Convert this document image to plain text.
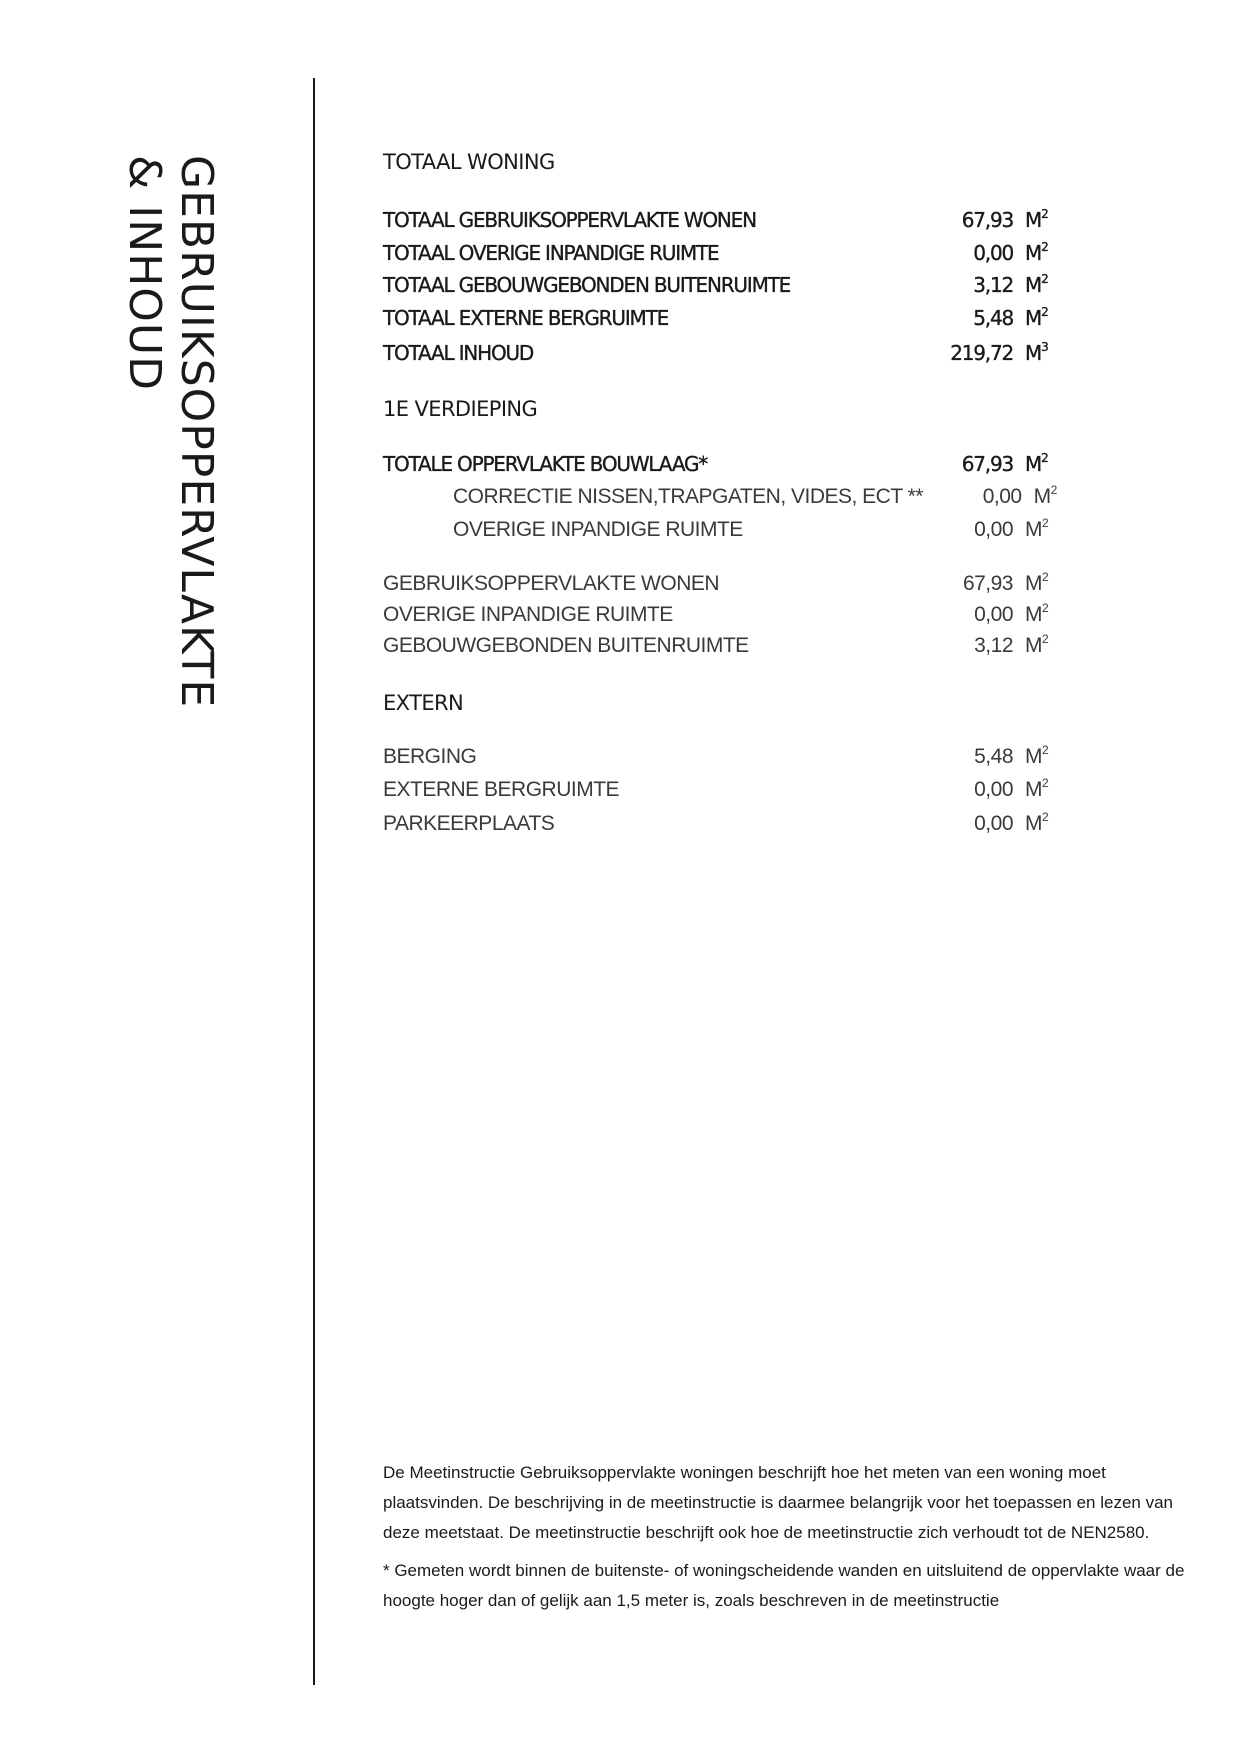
GEBRUIKSOPPERVLAKTE
& INHOUD	TOTAAL WONING
TOTAAL GEBRUIKSOPPERVLAKTE WONEN	67,93 $M^2$
TOTAAL OVERIGE INPANDIGE RUIMTE	0,00 $M^2$
TOTAAL GEBOUWGEBONDEN BUITENRUIMTE	3,12 $M^2$
TOTAAL EXTERNE BERGRUIMTE	5,48 $M^2$
TOTAAL INHOUD	219,72 $M^3$
1E VERDIEPING
TOTALE OPPERVLAKTE BOUWLAAG*	67,93 $M^2$
CORRECTIE NISSEN,TRAPGATEN, VIDES, ECT **	0,00 $M^2$
OVERIGE INPANDIGE RUIMTE	0,00 $M^2$
GEBRUIKSOPPERVLAKTE WONEN	67,93 $M^2$
OVERIGE INPANDIGE RUIMTE	0,00 $M^2$
GEBOUWGEBONDEN BUITENRUIMTE	3,12 $M^2$
EXTERN
BERGING	5,48 $M^2$
EXTERNE BERGRUIMTE	0,00 $M^2$
PARKEERPLAATS	0,00 $M^2$

De Meetinstructie Gebruiksoppervlakte woningen beschrijft hoe het meten van een woning moet plaatsvinden. De beschrijving in de meetinstructie is daarmee belangrijk voor het toepassen en lezen van deze meetstaat. De meetinstructie beschrijft ook hoe de meetinstructie zich verhoudt tot de NEN2580.

* Gemeten wordt binnen de buitenste- of woningscheidende wanden en uitsluitend de oppervlakte waar de hoogte hoger dan of gelijk aan 1,5 meter is, zoals beschreven in de meetinstructie
